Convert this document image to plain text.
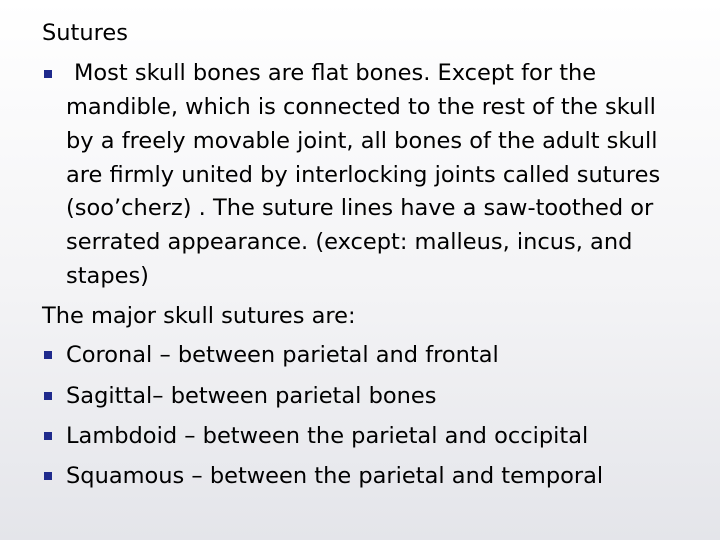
Sutures
Most skull bones are flat bones. Except for the
mandible, which is connected to the rest of the skull
by a freely movable joint, all bones of the adult skull
are firmly united by interlocking joints called sutures
(soo’cherz) . The suture lines have a saw-toothed or
serrated appearance. (except: malleus, incus, and
stapes)
The major skull sutures are:
Coronal – between parietal and frontal
Sagittal– between parietal bones
Lambdoid – between the parietal and occipital
Squamous – between the parietal and temporal
